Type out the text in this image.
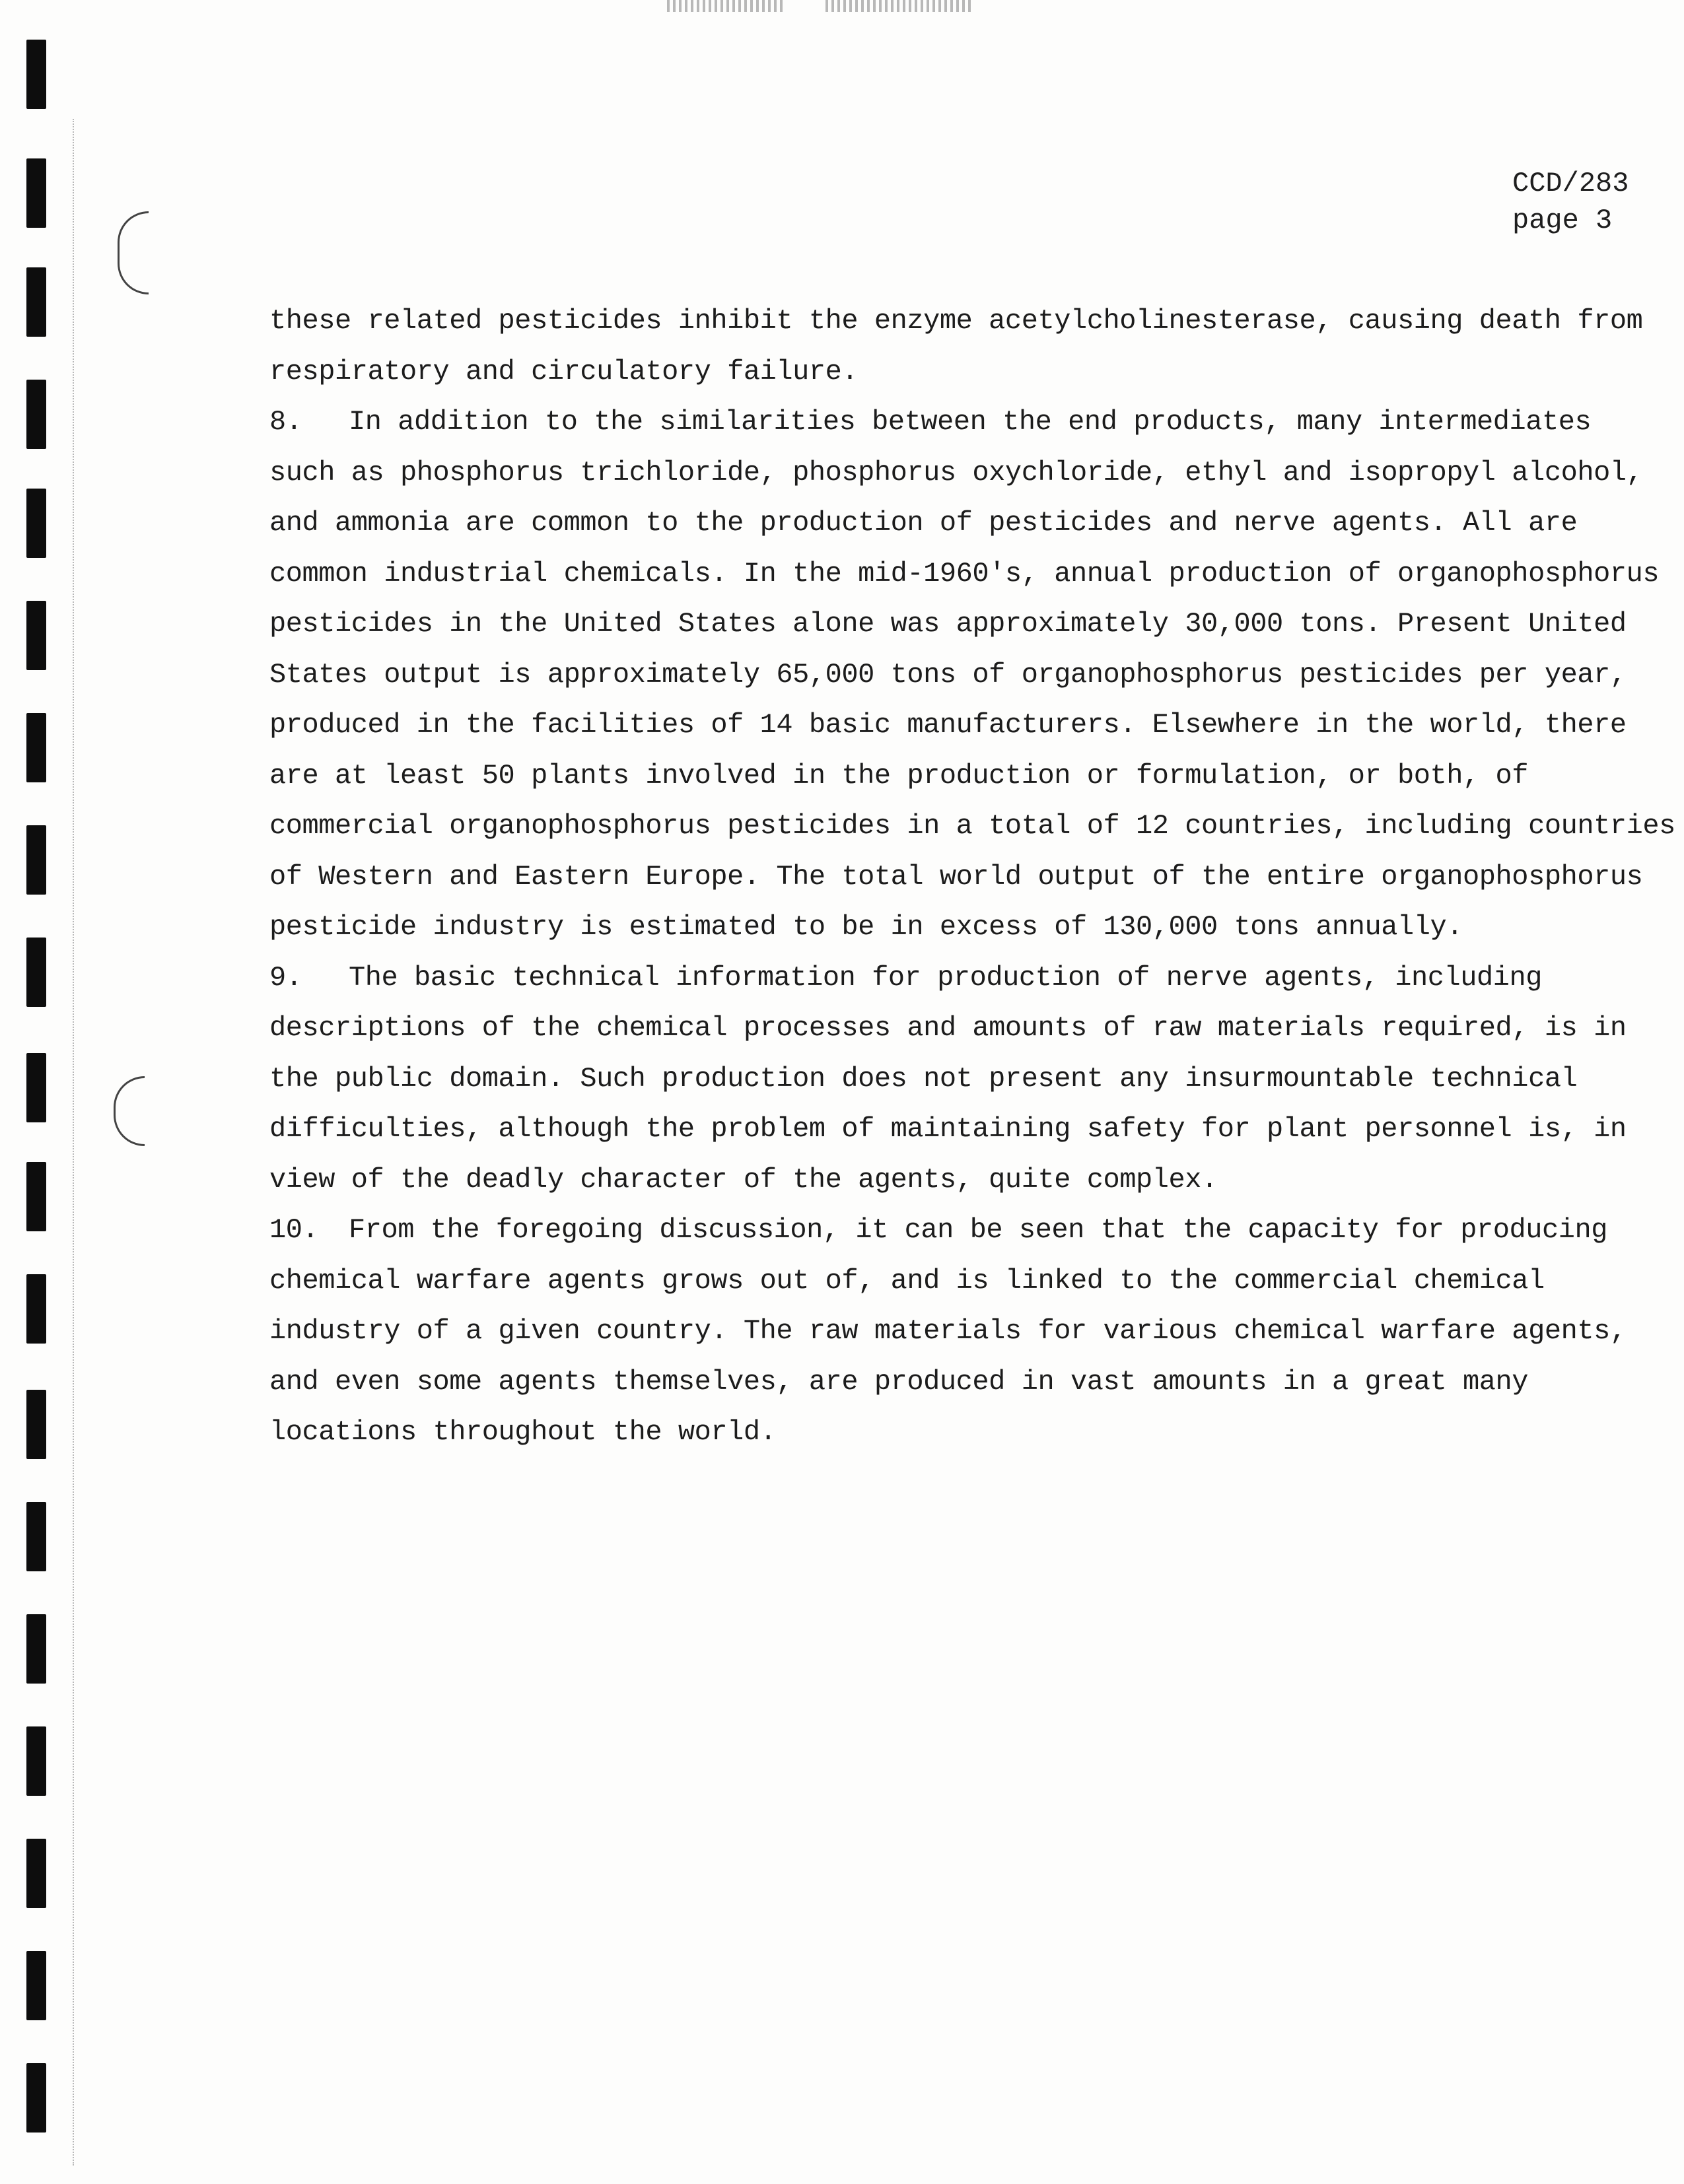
CCD/283
page 3
these related pesticides inhibit the enzyme acetylcholinesterase, causing death from
respiratory and circulatory failure.
8. In addition to the similarities between the end products, many intermediates
such as phosphorus trichloride, phosphorus oxychloride, ethyl and isopropyl alcohol,
and ammonia are common to the production of pesticides and nerve agents. All are
common industrial chemicals. In the mid-1960's, annual production of organophosphorus
pesticides in the United States alone was approximately 30,000 tons. Present United
States output is approximately 65,000 tons of organophosphorus pesticides per year,
produced in the facilities of 14 basic manufacturers. Elsewhere in the world, there
are at least 50 plants involved in the production or formulation, or both, of
commercial organophosphorus pesticides in a total of 12 countries, including countries
of Western and Eastern Europe. The total world output of the entire organophosphorus
pesticide industry is estimated to be in excess of 130,000 tons annually.
9. The basic technical information for production of nerve agents, including
descriptions of the chemical processes and amounts of raw materials required, is in
the public domain. Such production does not present any insurmountable technical
difficulties, although the problem of maintaining safety for plant personnel is, in
view of the deadly character of the agents, quite complex.
10. From the foregoing discussion, it can be seen that the capacity for producing
chemical warfare agents grows out of, and is linked to the commercial chemical
industry of a given country. The raw materials for various chemical warfare agents,
and even some agents themselves, are produced in vast amounts in a great many
locations throughout the world.
